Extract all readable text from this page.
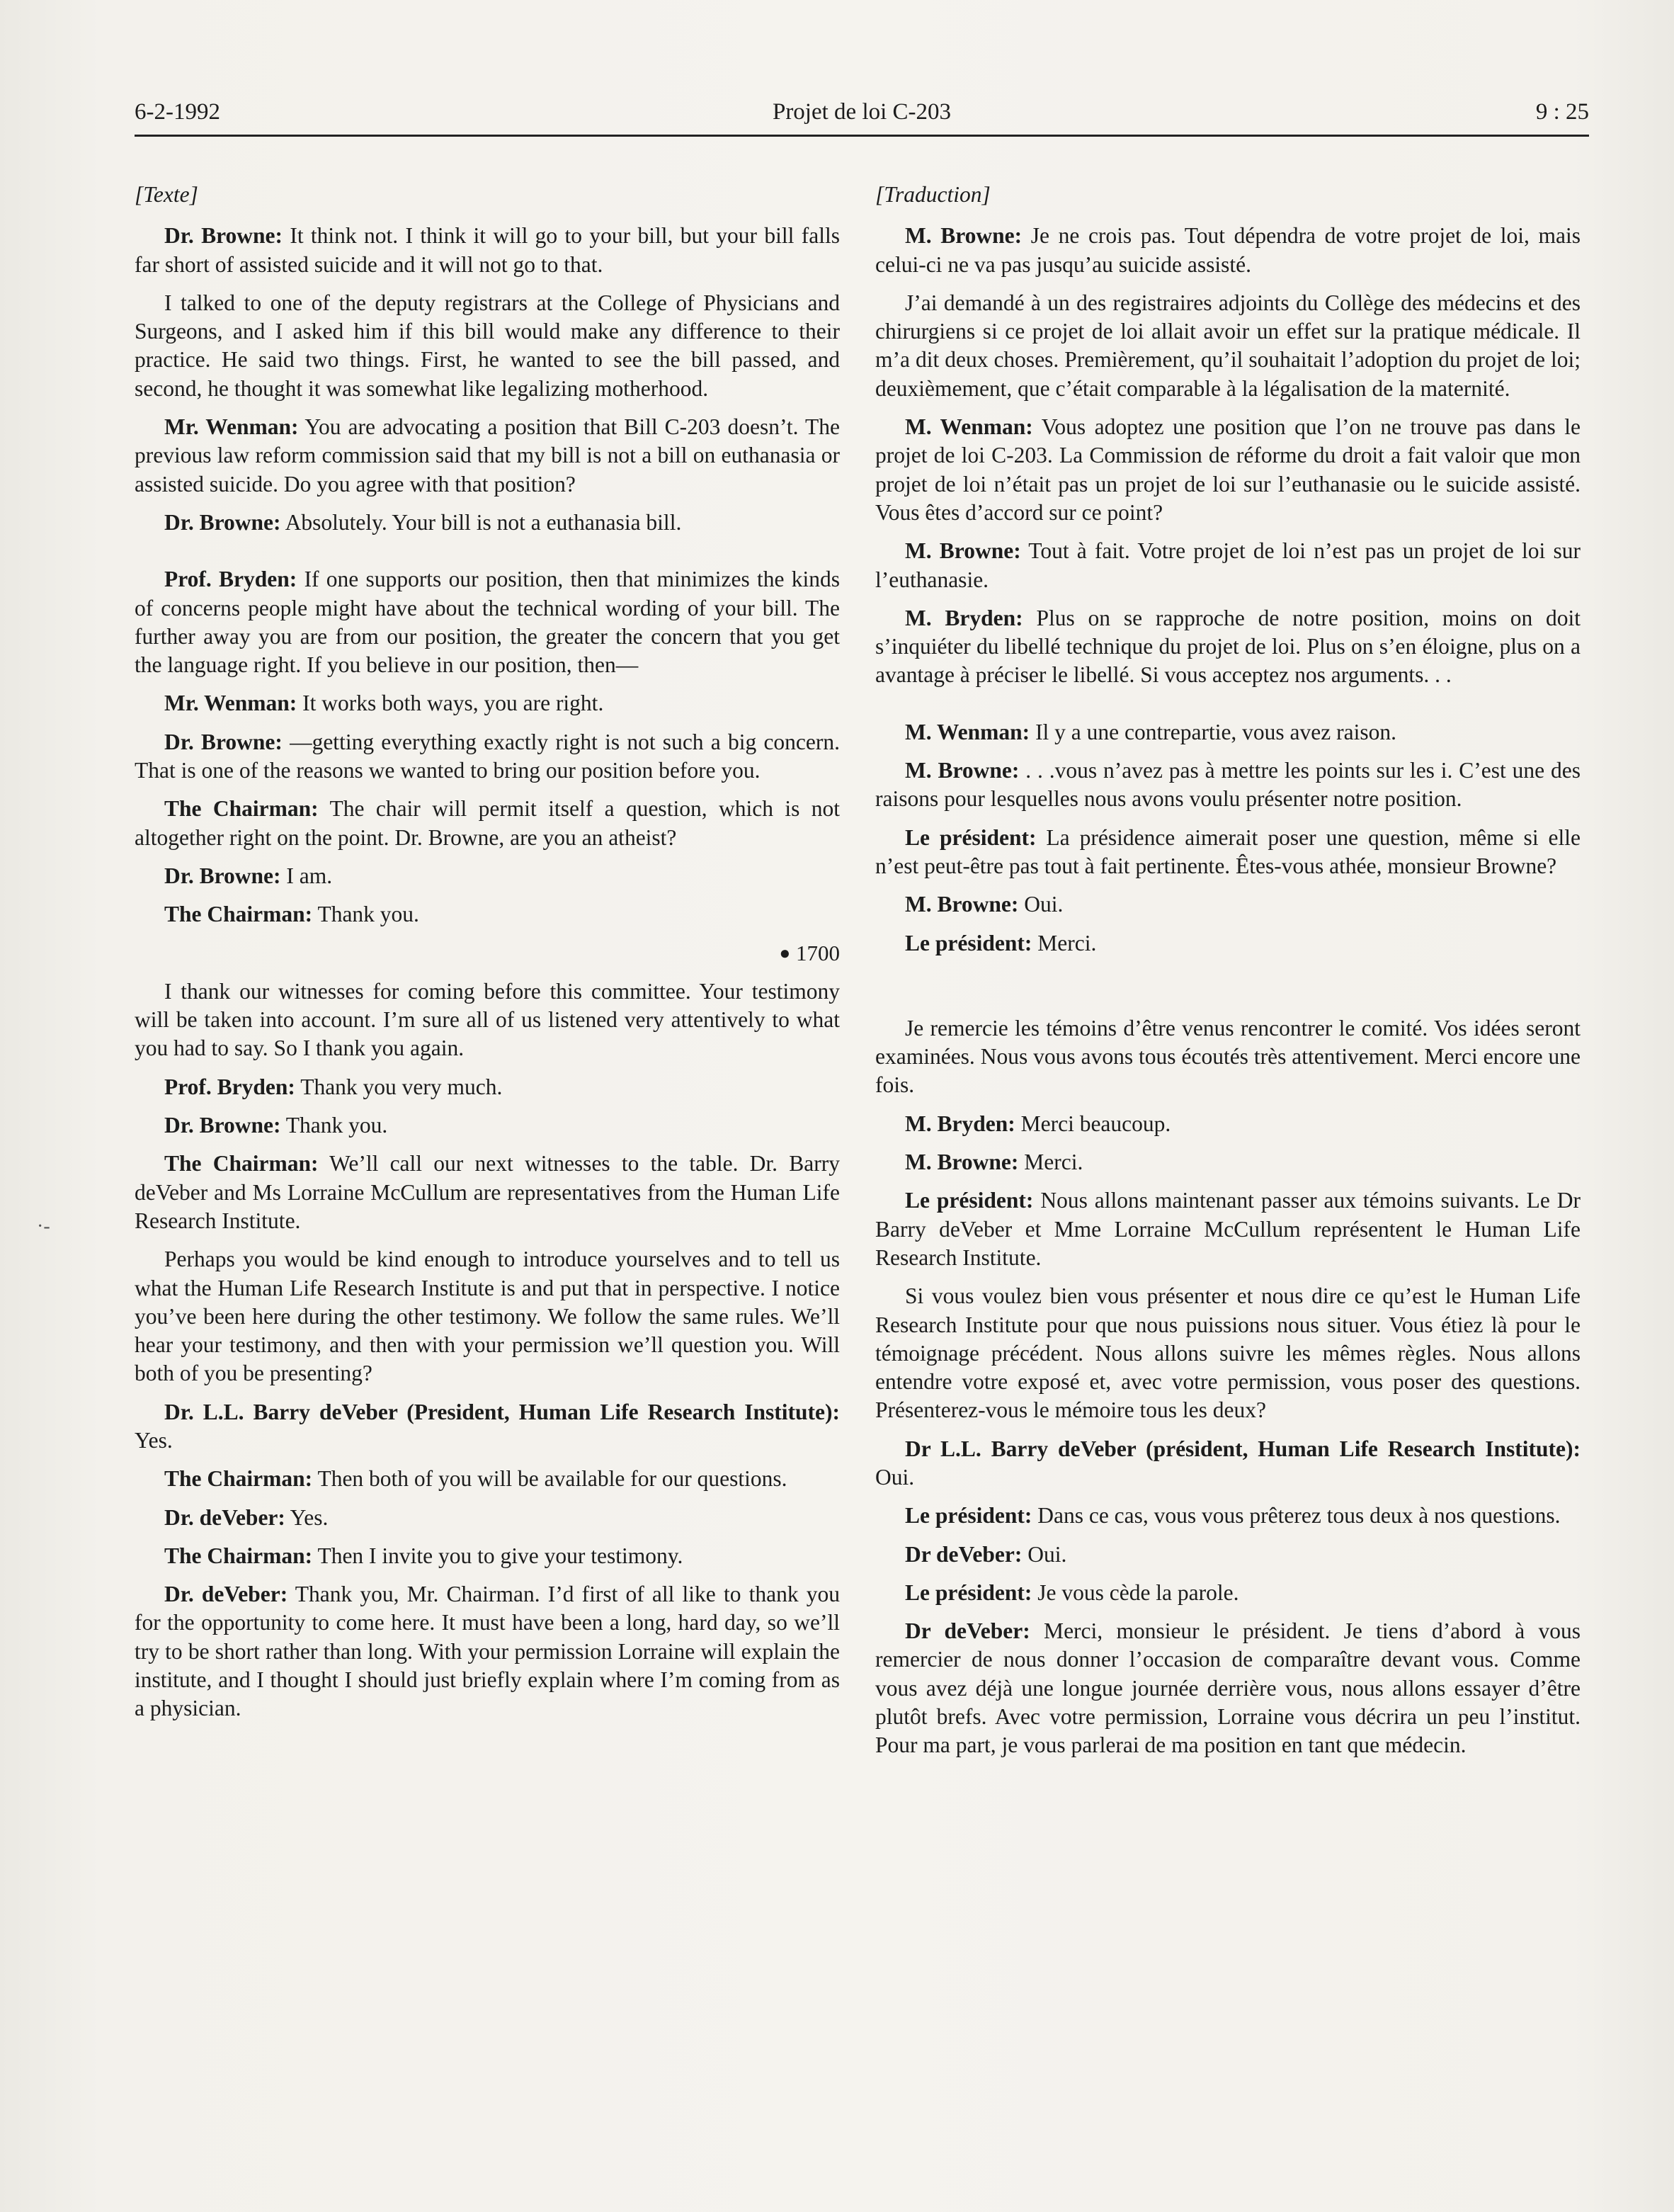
6-2-1992	Projet de loi C-203	9 : 25
·-
[Texte]

Dr. Browne: It think not. I think it will go to your bill, but your bill falls far short of assisted suicide and it will not go to that.

I talked to one of the deputy registrars at the College of Physicians and Surgeons, and I asked him if this bill would make any difference to their practice. He said two things. First, he wanted to see the bill passed, and second, he thought it was somewhat like legalizing motherhood.

Mr. Wenman: You are advocating a position that Bill C-203 doesn’t. The previous law reform commission said that my bill is not a bill on euthanasia or assisted suicide. Do you agree with that position?

Dr. Browne: Absolutely. Your bill is not a euthanasia bill.

Prof. Bryden: If one supports our position, then that minimizes the kinds of concerns people might have about the technical wording of your bill. The further away you are from our position, the greater the concern that you get the language right. If you believe in our position, then—

Mr. Wenman: It works both ways, you are right.

Dr. Browne: —getting everything exactly right is not such a big concern. That is one of the reasons we wanted to bring our position before you.

The Chairman: The chair will permit itself a question, which is not altogether right on the point. Dr. Browne, are you an atheist?

Dr. Browne: I am.

The Chairman: Thank you.

● 1700

I thank our witnesses for coming before this committee. Your testimony will be taken into account. I’m sure all of us listened very attentively to what you had to say. So I thank you again.

Prof. Bryden: Thank you very much.

Dr. Browne: Thank you.

The Chairman: We’ll call our next witnesses to the table. Dr. Barry deVeber and Ms Lorraine McCullum are representatives from the Human Life Research Institute.

Perhaps you would be kind enough to introduce yourselves and to tell us what the Human Life Research Institute is and put that in perspective. I notice you’ve been here during the other testimony. We follow the same rules. We’ll hear your testimony, and then with your permission we’ll question you. Will both of you be presenting?

Dr. L.L. Barry deVeber (President, Human Life Research Institute): Yes.

The Chairman: Then both of you will be available for our questions.

Dr. deVeber: Yes.

The Chairman: Then I invite you to give your testimony.

Dr. deVeber: Thank you, Mr. Chairman. I’d first of all like to thank you for the opportunity to come here. It must have been a long, hard day, so we’ll try to be short rather than long. With your permission Lorraine will explain the institute, and I thought I should just briefly explain where I’m coming from as a physician.

[Traduction]

M. Browne: Je ne crois pas. Tout dépendra de votre projet de loi, mais celui-ci ne va pas jusqu’au suicide assisté.

J’ai demandé à un des registraires adjoints du Collège des médecins et des chirurgiens si ce projet de loi allait avoir un effet sur la pratique médicale. Il m’a dit deux choses. Premièrement, qu’il souhaitait l’adoption du projet de loi; deuxièmement, que c’était comparable à la légalisation de la maternité.

M. Wenman: Vous adoptez une position que l’on ne trouve pas dans le projet de loi C-203. La Commission de réforme du droit a fait valoir que mon projet de loi n’était pas un projet de loi sur l’euthanasie ou le suicide assisté. Vous êtes d’accord sur ce point?

M. Browne: Tout à fait. Votre projet de loi n’est pas un projet de loi sur l’euthanasie.

M. Bryden: Plus on se rapproche de notre position, moins on doit s’inquiéter du libellé technique du projet de loi. Plus on s’en éloigne, plus on a avantage à préciser le libellé. Si vous acceptez nos arguments. . .

M. Wenman: Il y a une contrepartie, vous avez raison.

M. Browne: . . .vous n’avez pas à mettre les points sur les i. C’est une des raisons pour lesquelles nous avons voulu présenter notre position.

Le président: La présidence aimerait poser une question, même si elle n’est peut-être pas tout à fait pertinente. Êtes-vous athée, monsieur Browne?

M. Browne: Oui.

Le président: Merci.

Je remercie les témoins d’être venus rencontrer le comité. Vos idées seront examinées. Nous vous avons tous écoutés très attentivement. Merci encore une fois.

M. Bryden: Merci beaucoup.

M. Browne: Merci.

Le président: Nous allons maintenant passer aux témoins suivants. Le Dr Barry deVeber et Mme Lorraine McCullum représentent le Human Life Research Institute.

Si vous voulez bien vous présenter et nous dire ce qu’est le Human Life Research Institute pour que nous puissions nous situer. Vous étiez là pour le témoignage précédent. Nous allons suivre les mêmes règles. Nous allons entendre votre exposé et, avec votre permission, vous poser des questions. Présenterez-vous le mémoire tous les deux?

Dr L.L. Barry deVeber (président, Human Life Research Institute): Oui.

Le président: Dans ce cas, vous vous prêterez tous deux à nos questions.

Dr deVeber: Oui.

Le président: Je vous cède la parole.

Dr deVeber: Merci, monsieur le président. Je tiens d’abord à vous remercier de nous donner l’occasion de comparaître devant vous. Comme vous avez déjà une longue journée derrière vous, nous allons essayer d’être plutôt brefs. Avec votre permission, Lorraine vous décrira un peu l’institut. Pour ma part, je vous parlerai de ma position en tant que médecin.
